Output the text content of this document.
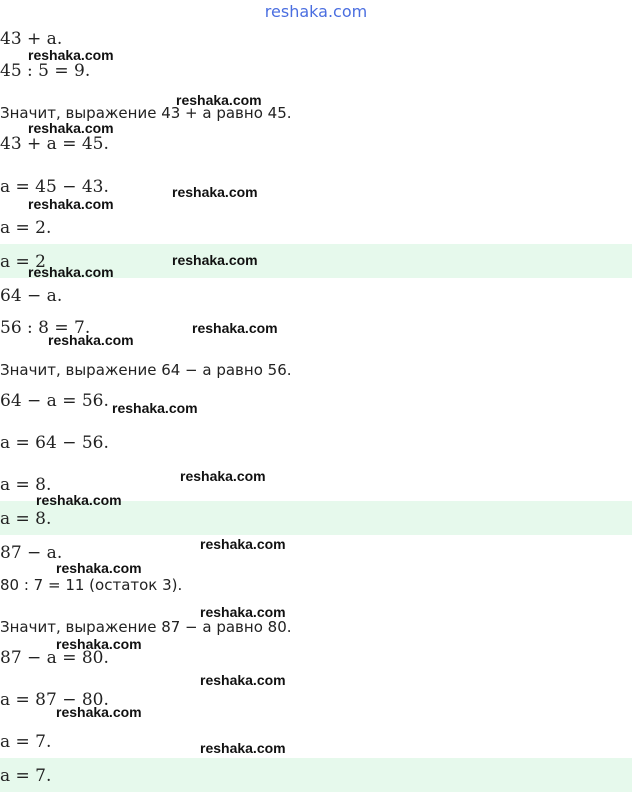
reshaka.com
43 + a.
45 : 5 = 9.
Значит, выражение 43 + a равно 45.
43 + a = 45.
a = 45 − 43.
a = 2.
a = 2
64 − a.
56 : 8 = 7.
Значит, выражение 64 − a равно 56.
64 − a = 56.
a = 64 − 56.
a = 8.
a = 8.
87 − a.
80 : 7 = 11 (остаток 3).
Значит, выражение 87 − a равно 80.
87 − a = 80.
a = 87 − 80.
a = 7.
a = 7.
reshaka.com
reshaka.com
reshaka.com
reshaka.com
reshaka.com
reshaka.com
reshaka.com
reshaka.com
reshaka.com
reshaka.com
reshaka.com
reshaka.com
reshaka.com
reshaka.com
reshaka.com
reshaka.com
reshaka.com
reshaka.com
reshaka.com
